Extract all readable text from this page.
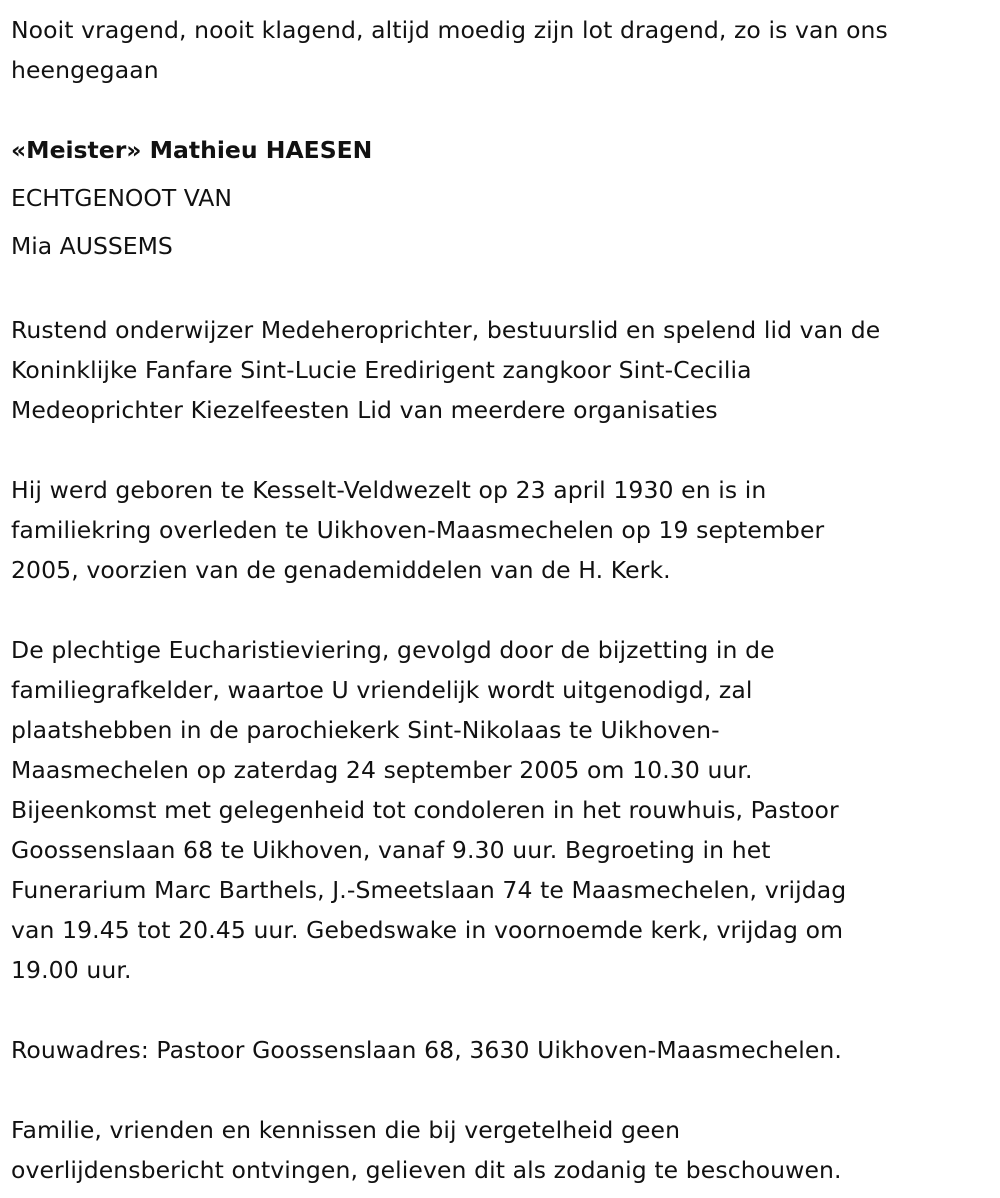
Nooit vragend, nooit klagend, altijd moedig zijn lot dragend, zo is van ons
heengegaan

«Meister» Mathieu HAESEN
ECHTGENOOT VAN
Mia AUSSEMS

Rustend onderwijzer Medeheroprichter, bestuurslid en spelend lid van de
Koninklijke Fanfare Sint-Lucie Eredirigent zangkoor Sint-Cecilia
Medeoprichter Kiezelfeesten Lid van meerdere organisaties

Hij werd geboren te Kesselt-Veldwezelt op 23 april 1930 en is in
familiekring overleden te Uikhoven-Maasmechelen op 19 september
2005, voorzien van de genademiddelen van de H. Kerk.

De plechtige Eucharistieviering, gevolgd door de bijzetting in de
familiegrafkelder, waartoe U vriendelijk wordt uitgenodigd, zal
plaatshebben in de parochiekerk Sint-Nikolaas te Uikhoven-
Maasmechelen op zaterdag 24 september 2005 om 10.30 uur.
Bijeenkomst met gelegenheid tot condoleren in het rouwhuis, Pastoor
Goossenslaan 68 te Uikhoven, vanaf 9.30 uur. Begroeting in het
Funerarium Marc Barthels, J.-Smeetslaan 74 te Maasmechelen, vrijdag
van 19.45 tot 20.45 uur. Gebedswake in voornoemde kerk, vrijdag om
19.00 uur.

Rouwadres: Pastoor Goossenslaan 68, 3630 Uikhoven-Maasmechelen.

Familie, vrienden en kennissen die bij vergetelheid geen
overlijdensbericht ontvingen, gelieven dit als zodanig te beschouwen.
